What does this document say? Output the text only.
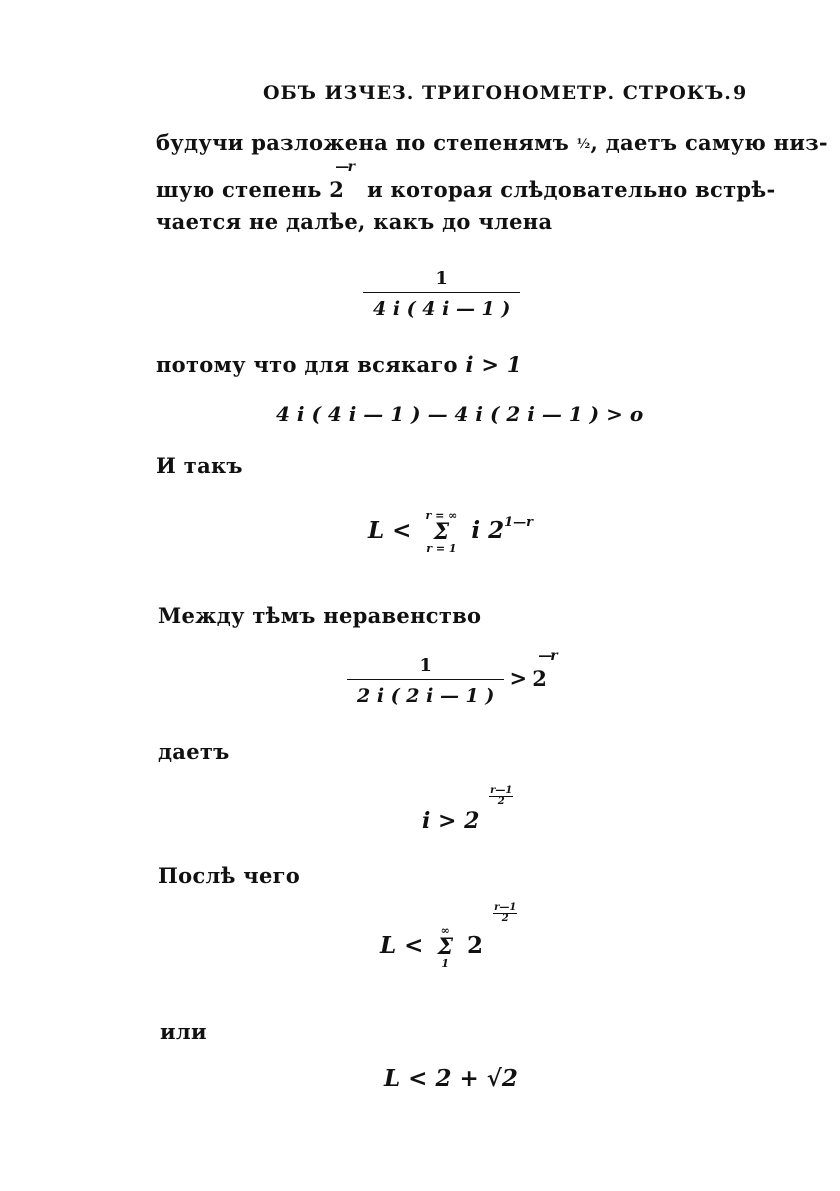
ОБЪ ИЗЧЕЗ. ТРИГОНОМЕТР. СТРОКЪ. 9
будучи разложена по степенямъ ½, даетъ самую низ-
шую степень 2
— r
и которая слѣдовательно встрѣ-
чается не далѣе, какъ до члена
$\frac{1}{4 i ( 4 i — 1 )}$
потому что для всякаго i > 1
4 i ( 4 i — 1 ) — 4 i ( 2 i — 1 ) > o
И такъ
L <
r = ∞
Σ
r = 1
i $2^{1—r}$
Между тѣмъ неравенство
$\frac{1}{2 i ( 2 i — 1 )} > 2$
— r
даетъ
i > 2
$\frac{r—1}{2}$
Послѣ чего
L <
∞
Σ
1
2
$\frac{r—1}{2}$
или
L < 2 + √2
